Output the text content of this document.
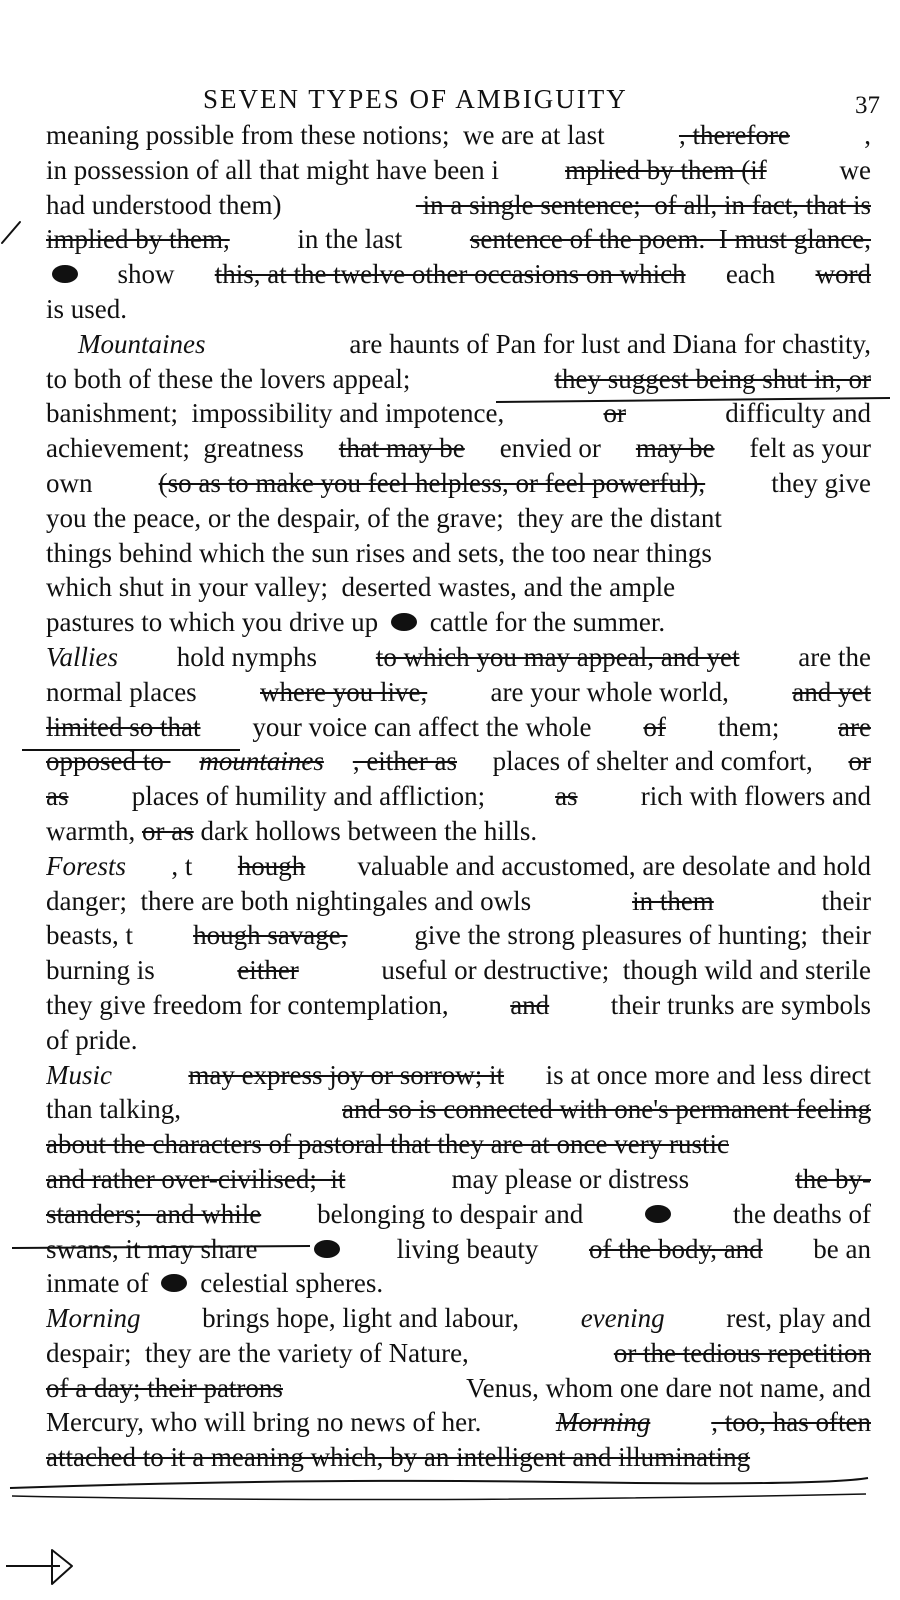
SEVEN TYPES OF AMBIGUITY	37
meaning possible from these notions;  we are at last	, therefore	,
in possession of all that might have been i mplied by them (if we
had understood them)	in a single sentence;  of all, in fact, that is
implied by them, in the last sentence of the poem.  I must glance,
show this, at the twelve other occasions on which each word
is used.
Mountaines	are haunts of Pan for lust and Diana for chastity,
to both of these the lovers appeal;	they suggest being shut in, or
banishment;  impossibility and impotence,	or	difficulty and
achievement;  greatness that may be envied or may be felt as your
own (so as to make you feel helpless, or feel powerful), they give
you the peace, or the despair, of the grave;  they are the distant
things behind which the sun rises and sets, the too near things
which shut in your valley;  deserted wastes, and the ample
pastures to which you drive up cattle for the summer.
Vallies hold nymphs to which you may appeal, and yet are the
normal places where you live, are your whole world, and yet
limited so that your voice can affect the whole of them; are
opposed to mountaines , either as places of shelter and comfort, or
as places of humility and affliction; as rich with flowers and
warmth, or as dark hollows between the hills.
Forests , t hough valuable and accustomed, are desolate and hold
danger;  there are both nightingales and owls	in them	their
beasts, t hough savage, give the strong pleasures of hunting;  their
burning is	either	useful or destructive;  though wild and sterile
they give freedom for contemplation, and their trunks are symbols
of pride.
Music
	may express joy or sorrow; it is at once more and less direct
than talking,	and so is connected with one's permanent feeling
about the characters of pastoral that they are at once very rustic
and rather over-civilised;  it	may please or distress	the by-
standers;  and while belonging to despair and	the deaths of
swans, it may share	living beauty of the body, and be an
inmate of celestial spheres.
Morning brings hope, light and labour, evening rest, play and
despair;  they are the variety of Nature,	or the tedious repetition
of a day; their patrons	Venus, whom one dare not name, and
Mercury, who will bring no news of her. Morning , too, has often
attached to it a meaning which, by an intelligent and illuminating
